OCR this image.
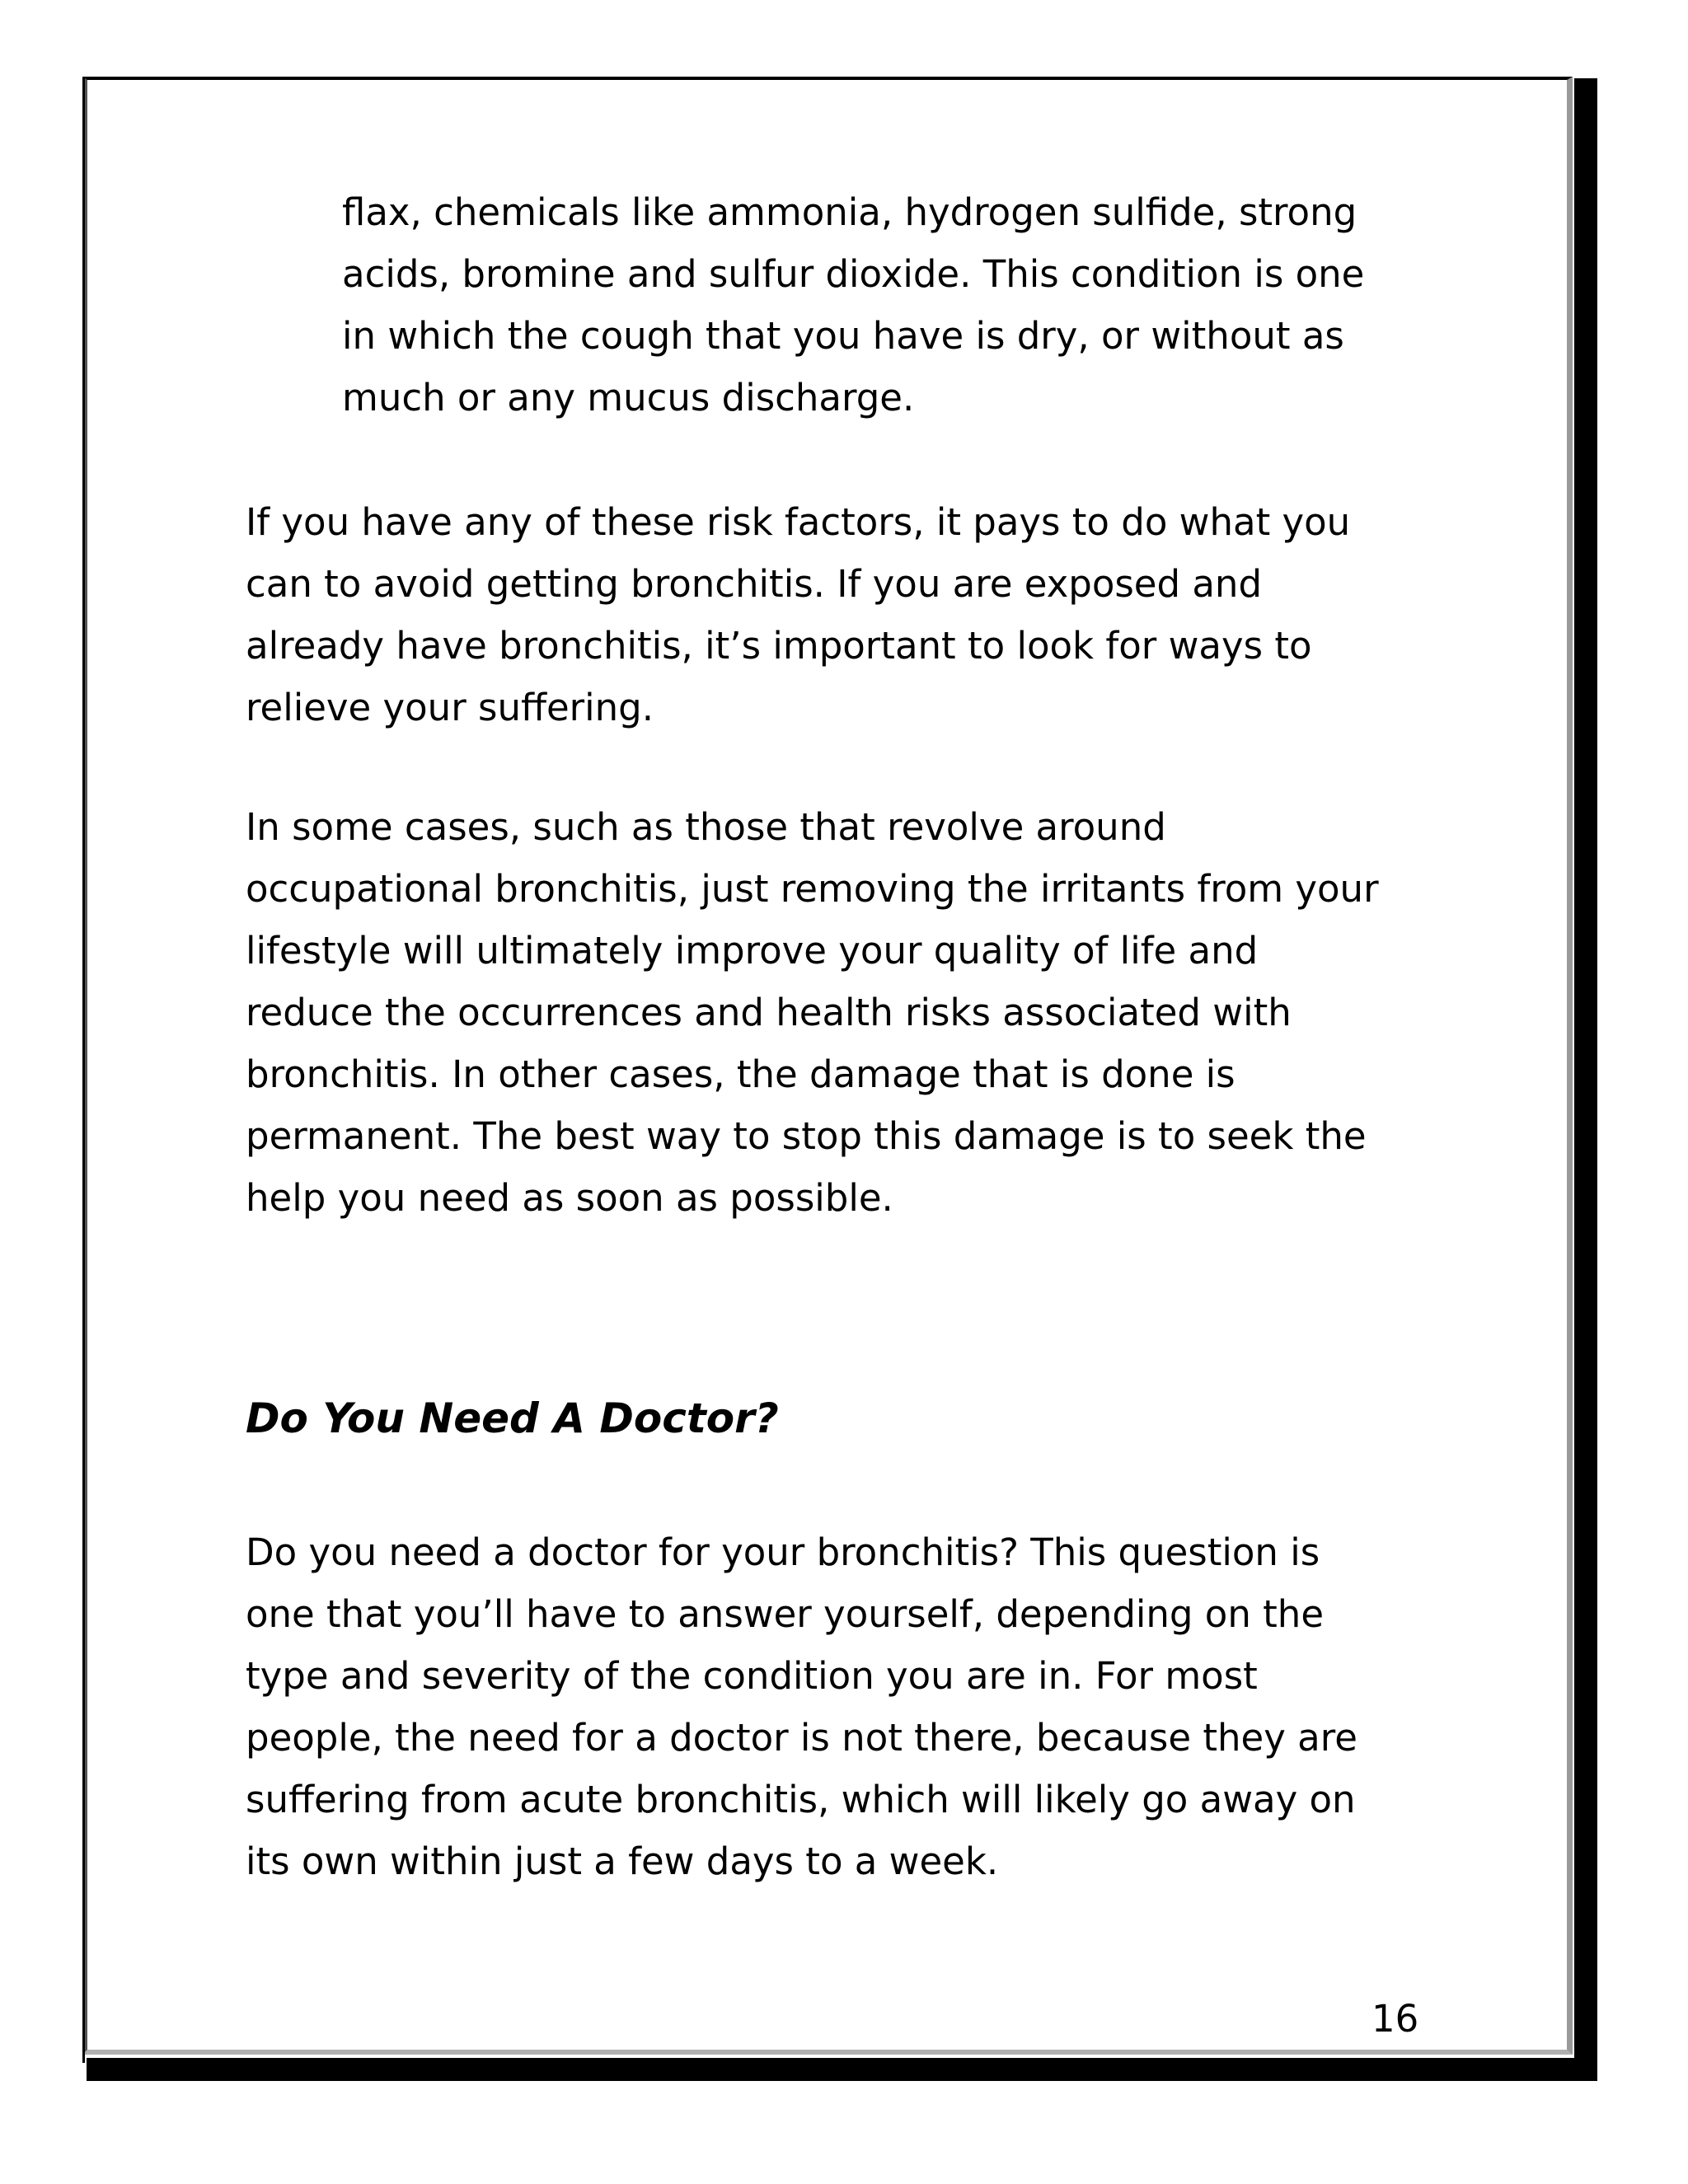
flax, chemicals like ammonia, hydrogen sulfide, strong
acids, bromine and sulfur dioxide. This condition is one
in which the cough that you have is dry, or without as
much or any mucus discharge.

If you have any of these risk factors, it pays to do what you
can to avoid getting bronchitis. If you are exposed and
already have bronchitis, it’s important to look for ways to
relieve your suffering.

In some cases, such as those that revolve around
occupational bronchitis, just removing the irritants from your
lifestyle will ultimately improve your quality of life and
reduce the occurrences and health risks associated with
bronchitis. In other cases, the damage that is done is
permanent. The best way to stop this damage is to seek the
help you need as soon as possible.

Do You Need A Doctor?

Do you need a doctor for your bronchitis? This question is
one that you’ll have to answer yourself, depending on the
type and severity of the condition you are in. For most
people, the need for a doctor is not there, because they are
suffering from acute bronchitis, which will likely go away on
its own within just a few days to a week.

16
